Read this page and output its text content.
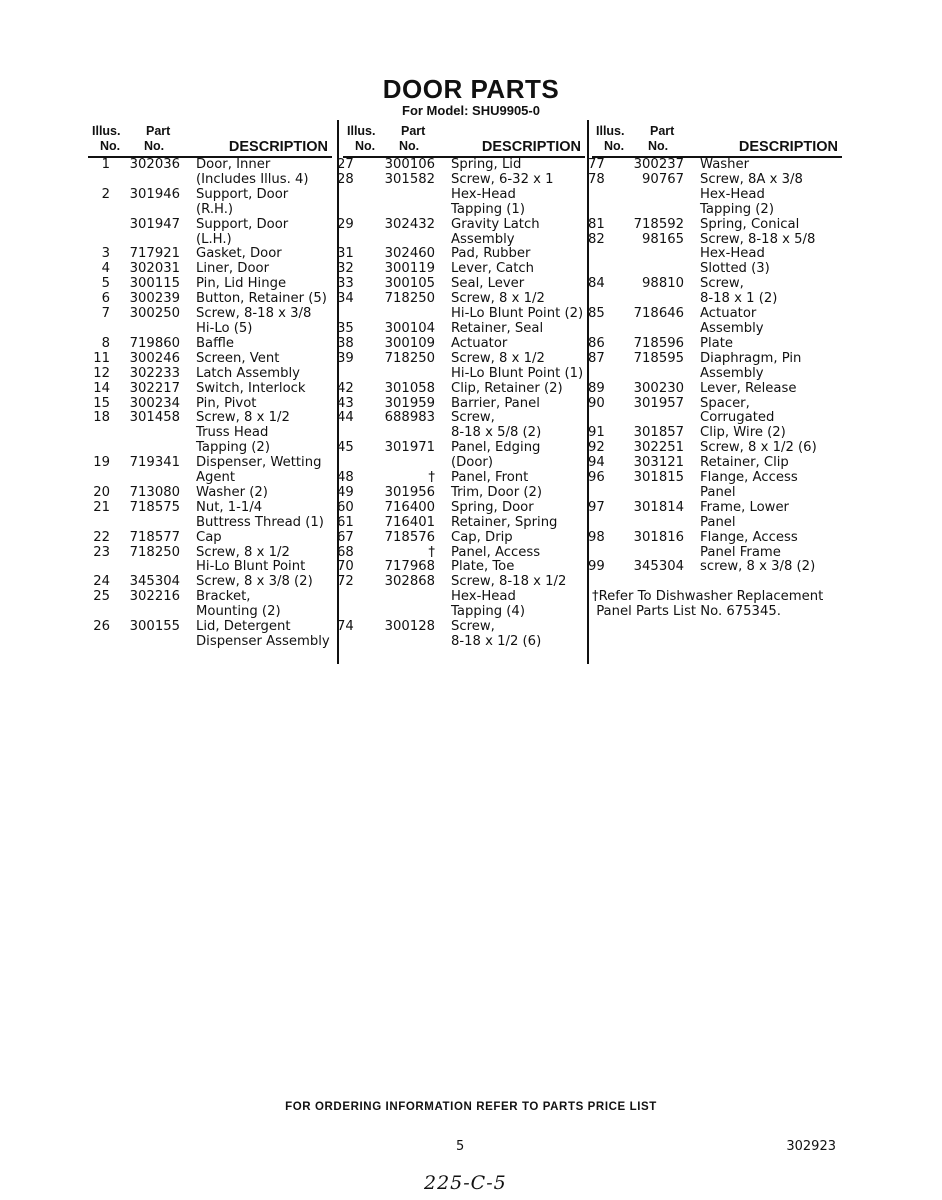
DOOR PARTS
For Model: SHU9905-0
Illus.
No.
Part
No.	DESCRIPTION
1	302036 Door, Inner
(Includes Illus. 4)
2	301946 Support, Door
(R.H.)
301947 Support, Door
(L.H.)
3	717921 Gasket, Door
4	302031 Liner, Door
5	300115 Pin, Lid Hinge
6	300239 Button, Retainer (5)
7	300250 Screw, 8-18 x 3/8
Hi-Lo (5)
8	719860 Baffle
11	300246 Screen, Vent
12	302233 Latch Assembly
14	302217 Switch, Interlock
15	300234 Pin, Pivot
18	301458 Screw, 8 x 1/2
Truss Head
Tapping (2)
19	719341 Dispenser, Wetting
Agent
20	713080 Washer (2)
21	718575 Nut, 1-1/4
Buttress Thread (1)
22	718577 Cap
23	718250 Screw, 8 x 1/2
Hi-Lo Blunt Point
24	345304 Screw, 8 x 3/8 (2)
25	302216 Bracket,
Mounting (2)
26	300155 Lid, Detergent
Dispenser Assembly
Illus.
No.
Part
No.	DESCRIPTION
27	300106 Spring, Lid
28	301582 Screw, 6-32 x 1
Hex-Head
Tapping (1)
29	302432 Gravity Latch
Assembly
31	302460 Pad, Rubber
32	300119 Lever, Catch
33	300105 Seal, Lever
34	718250 Screw, 8 x 1/2
Hi-Lo Blunt Point (2)
35	300104 Retainer, Seal
38	300109 Actuator
39	718250 Screw, 8 x 1/2
Hi-Lo Blunt Point (1)
42	301058 Clip, Retainer (2)
43	301959 Barrier, Panel
44	688983 Screw,
8-18 x 5/8 (2)
45	301971 Panel, Edging
(Door)
48	† Panel, Front
49	301956 Trim, Door (2)
60	716400 Spring, Door
61	716401 Retainer, Spring
67	718576 Cap, Drip
68	† Panel, Access
70	717968 Plate, Toe
72	302868 Screw, 8-18 x 1/2
Hex-Head
Tapping (4)
74	300128 Screw,
8-18 x 1/2 (6)
Illus.
No.
Part
No.	DESCRIPTION
77	300237 Washer
78	90767 Screw, 8A x 3/8
Hex-Head
Tapping (2)
81	718592 Spring, Conical
82	98165 Screw, 8-18 x 5/8
Hex-Head
Slotted (3)
84	98810 Screw,
8-18 x 1 (2)
85	718646 Actuator
Assembly
86	718596 Plate
87	718595 Diaphragm, Pin
Assembly
89	300230 Lever, Release
90	301957 Spacer,
Corrugated
91	301857 Clip, Wire (2)
92	302251 Screw, 8 x 1/2 (6)
94	303121 Retainer, Clip
96	301815 Flange, Access
Panel
97	301814 Frame, Lower
Panel
98	301816 Flange, Access
Panel Frame
99	345304 screw, 8 x 3/8 (2)
†Refer To Dishwasher Replacement
Panel Parts List No. 675345.
FOR ORDERING INFORMATION REFER TO PARTS PRICE LIST
5	302923
225-C-5
